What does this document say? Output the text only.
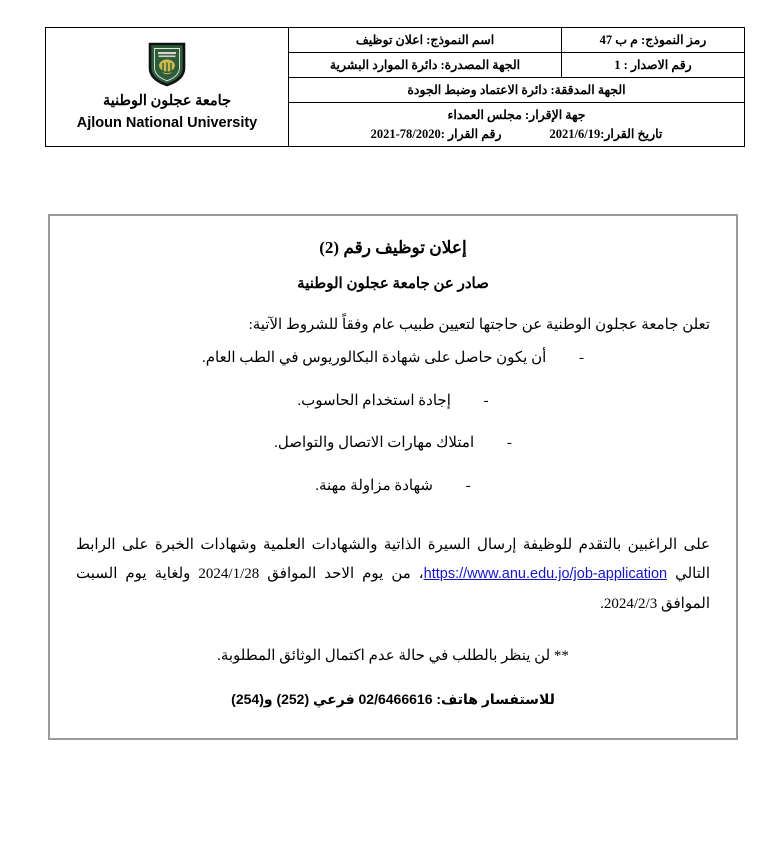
رمز النموذج: م ب 47	اسم النموذج: اعلان توظيف	جامعة عجلون الوطنية
Ajloun National University

رقم الاصدار : 1	الجهة المصدرة: دائرة الموارد البشرية	
الجهة المدققة: دائرة الاعتماد وضبط الجودة		

جهة الإقرار: مجلس العمداء
تاريخ القرار:2021/6/19
رقم القرار :78/2020-2021		
إعلان توظيف رقم (2)
صادر عن جامعة عجلون الوطنية

تعلن جامعة عجلون الوطنية عن حاجتها لتعيين طبيب عام وفقاً للشروط الآتية:

- أن يكون حاصل على شهادة البكالوريوس في الطب العام.
- إجادة استخدام الحاسوب.
- امتلاك مهارات الاتصال والتواصل.
- شهادة مزاولة مهنة.

على الراغبين بالتقدم للوظيفة إرسال السيرة الذاتية والشهادات العلمية وشهادات الخبرة على الرابط التالي https://www.anu.edu.jo/job-application، من يوم الاحد الموافق 2024/1/28 ولغاية يوم السبت الموافق 2024/2/3.

** لن ينظر بالطلب في حالة عدم اكتمال الوثائق المطلوبة.

للاستفسار هاتف: 02/6466616 فرعي (252) و(254)
